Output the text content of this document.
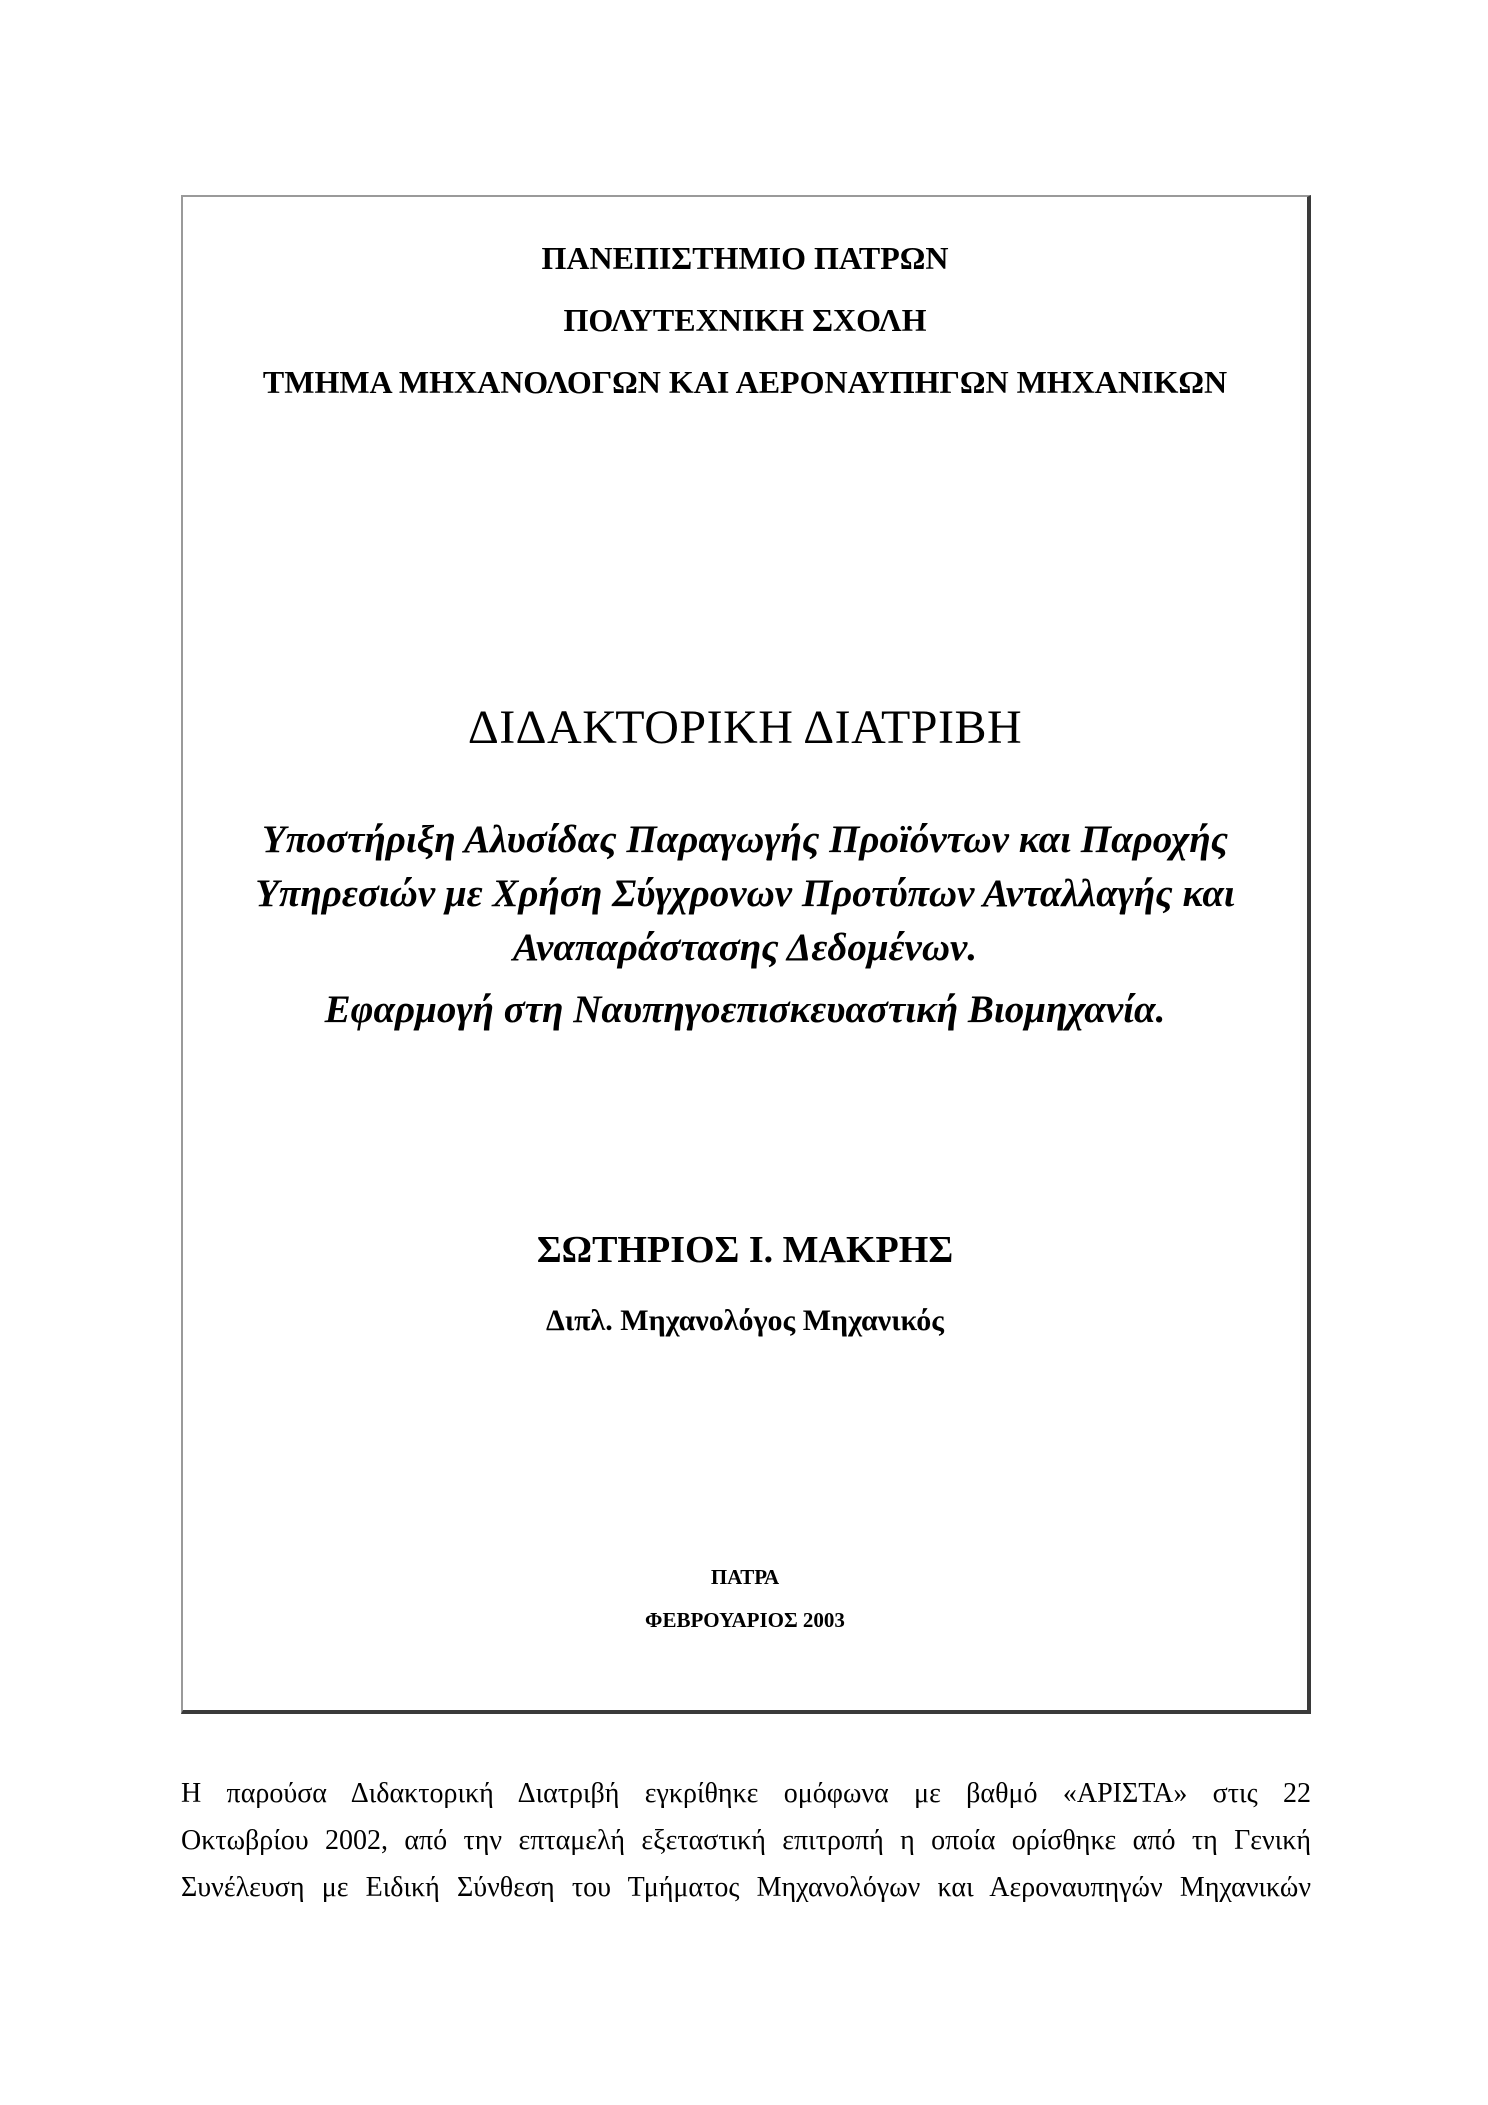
ΠΑΝΕΠΙΣΤΗΜΙΟ ΠΑΤΡΩΝ
ΠΟΛΥΤΕΧΝΙΚΗ ΣΧΟΛΗ
ΤΜΗΜΑ ΜΗΧΑΝΟΛΟΓΩΝ ΚΑΙ ΑΕΡΟΝΑΥΠΗΓΩΝ ΜΗΧΑΝΙΚΩΝ
ΔΙΔΑΚΤΟΡΙΚΗ ΔΙΑΤΡΙΒΗ
Υποστήριξη Αλυσίδας Παραγωγής Προϊόντων και Παροχής
Υπηρεσιών με Χρήση Σύγχρονων Προτύπων Ανταλλαγής και
Αναπαράστασης Δεδομένων.
Εφαρμογή στη Ναυπηγοεπισκευαστική Βιομηχανία.
ΣΩΤΗΡΙΟΣ Ι. ΜΑΚΡΗΣ
Διπλ. Μηχανολόγος Μηχανικός
ΠΑΤΡΑ
ΦΕΒΡΟΥΑΡΙΟΣ 2003
Η παρούσα Διδακτορική Διατριβή εγκρίθηκε ομόφωνα με βαθμό «ΑΡΙΣΤΑ» στις 22
Οκτωβρίου 2002, από την επταμελή εξεταστική επιτροπή η οποία ορίσθηκε από τη Γενική
Συνέλευση με Ειδική Σύνθεση του Τμήματος Μηχανολόγων και Αεροναυπηγών Μηχανικών
